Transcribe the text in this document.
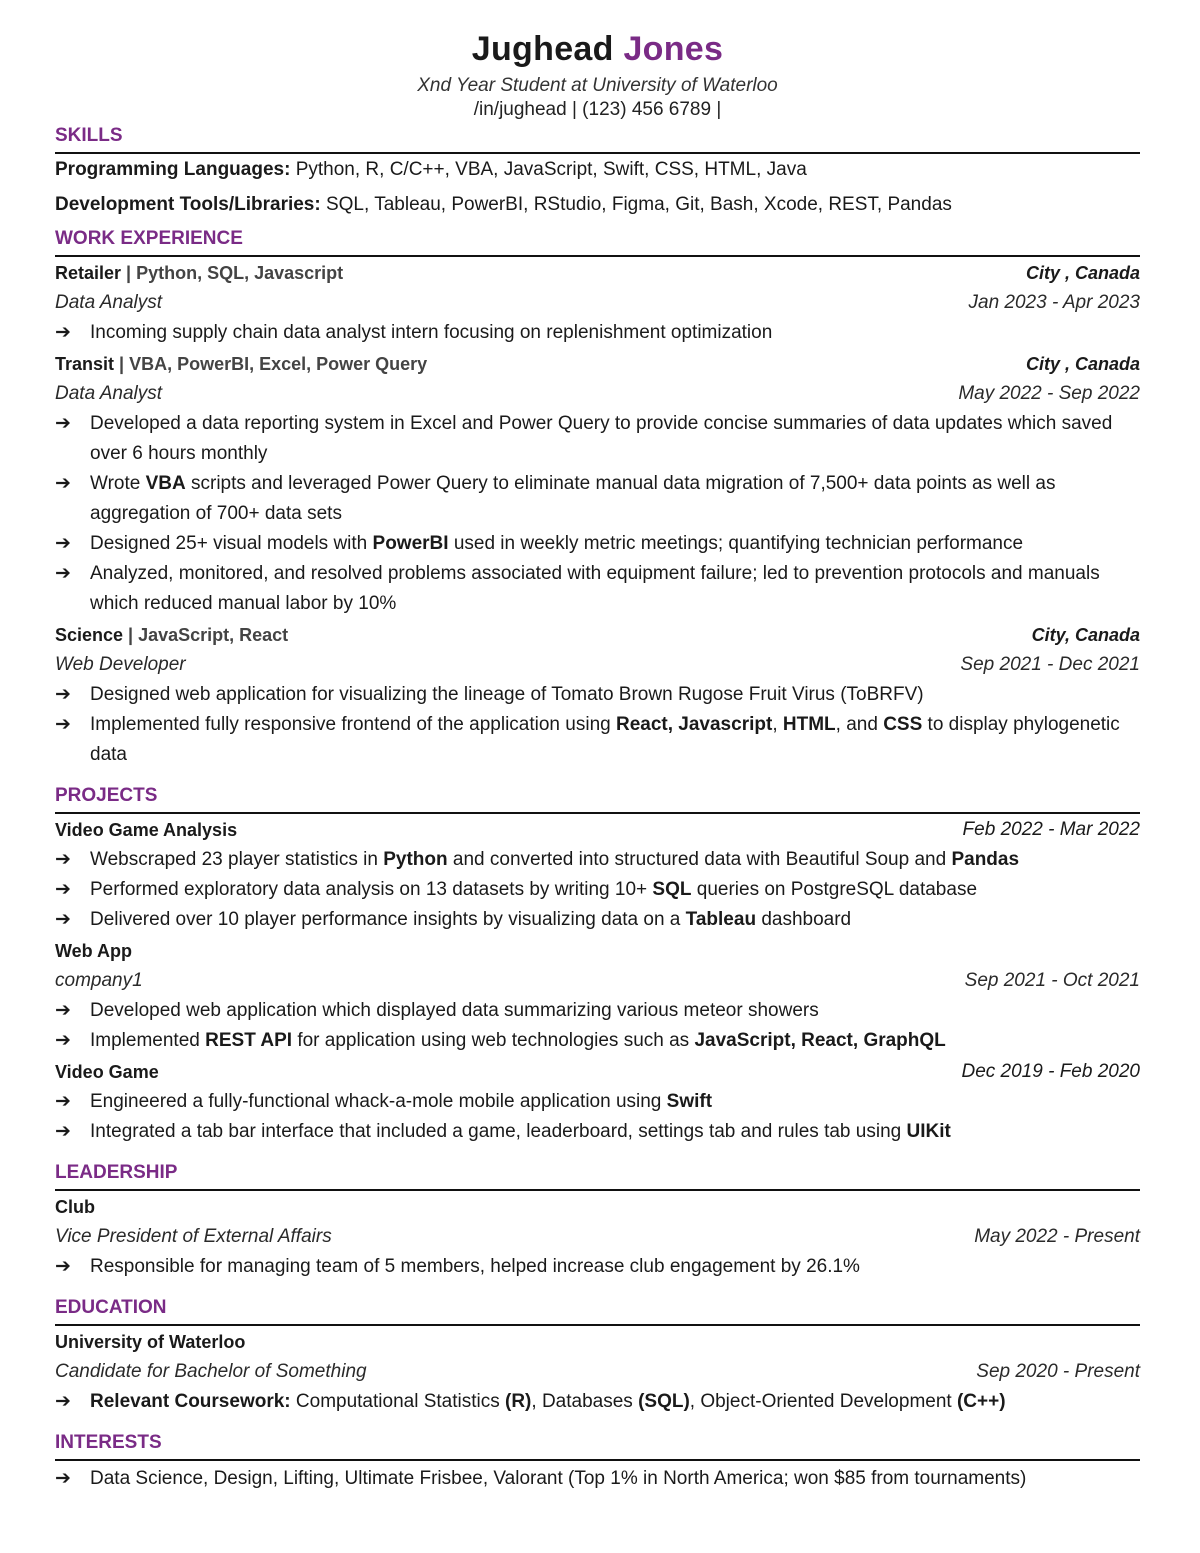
Jughead Jones
Xnd Year Student at University of Waterloo
/in/jughead | (123) 456 6789 |
SKILLS
Programming Languages: Python, R, C/C++, VBA, JavaScript, Swift, CSS, HTML, Java
Development Tools/Libraries: SQL, Tableau, PowerBI, RStudio, Figma, Git, Bash, Xcode, REST, Pandas
WORK EXPERIENCE
Retailer | Python, SQL, Javascript	City , Canada
Data Analyst	Jan 2023 - Apr 2023
➔ Incoming supply chain data analyst intern focusing on replenishment optimization
Transit | VBA, PowerBI, Excel, Power Query	City , Canada
Data Analyst	May 2022 - Sep 2022
➔ Developed a data reporting system in Excel and Power Query to provide concise summaries of data updates which saved over 6 hours monthly
➔ Wrote VBA scripts and leveraged Power Query to eliminate manual data migration of 7,500+ data points as well as aggregation of 700+ data sets
➔ Designed 25+ visual models with PowerBI used in weekly metric meetings; quantifying technician performance
➔ Analyzed, monitored, and resolved problems associated with equipment failure; led to prevention protocols and manuals which reduced manual labor by 10%
Science | JavaScript, React	City, Canada
Web Developer	Sep 2021 - Dec 2021
➔ Designed web application for visualizing the lineage of Tomato Brown Rugose Fruit Virus (ToBRFV)
➔ Implemented fully responsive frontend of the application using React, Javascript, HTML, and CSS to display phylogenetic data
PROJECTS
Video Game Analysis	Feb 2022 - Mar 2022
➔ Webscraped 23 player statistics in Python and converted into structured data with Beautiful Soup and Pandas
➔ Performed exploratory data analysis on 13 datasets by writing 10+ SQL queries on PostgreSQL database
➔ Delivered over 10 player performance insights by visualizing data on a Tableau dashboard
Web App
company1	Sep 2021 - Oct 2021
➔ Developed web application which displayed data summarizing various meteor showers
➔ Implemented REST API for application using web technologies such as JavaScript, React, GraphQL
Video Game	Dec 2019 - Feb 2020
➔ Engineered a fully-functional whack-a-mole mobile application using Swift
➔ Integrated a tab bar interface that included a game, leaderboard, settings tab and rules tab using UIKit
LEADERSHIP
Club
Vice President of External Affairs	May 2022 - Present
➔ Responsible for managing team of 5 members, helped increase club engagement by 26.1%
EDUCATION
University of Waterloo
Candidate for Bachelor of Something	Sep 2020 - Present
➔ Relevant Coursework: Computational Statistics (R), Databases (SQL), Object-Oriented Development (C++)
INTERESTS
➔ Data Science, Design, Lifting, Ultimate Frisbee, Valorant (Top 1% in North America; won $85 from tournaments)
